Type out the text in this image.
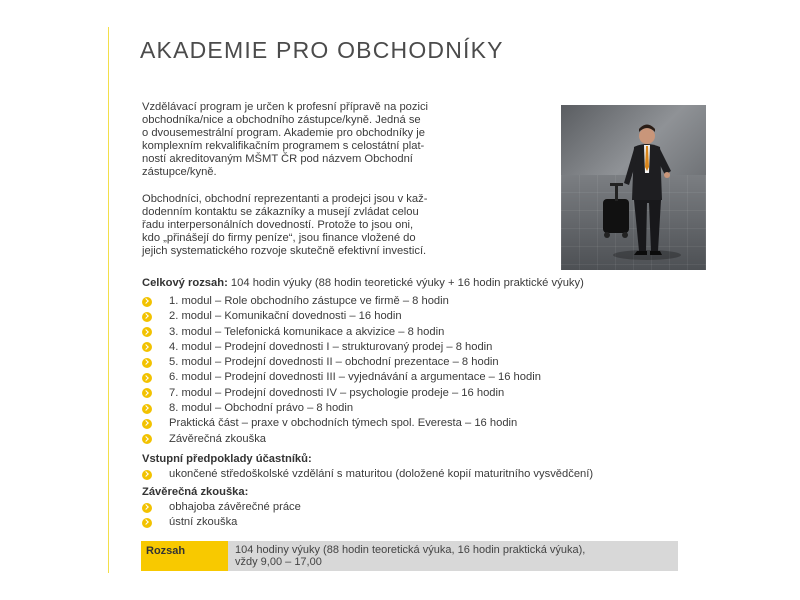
AKADEMIE PRO OBCHODNÍKY

Vzdělávací program je určen k profesní přípravě na pozici
obchodníka/nice a obchodního zástupce/kyně. Jedná se
o dvousemestrální program. Akademie pro obchodníky je
komplexním rekvalifikačním programem s celostátní plat-
ností akreditovaným MŠMT ČR pod názvem Obchodní
zástupce/kyně.

Obchodníci, obchodní reprezentanti a prodejci jsou v kaž-
dodenním kontaktu se zákazníky a musejí zvládat celou
řadu interpersonálních dovedností. Protože to jsou oni,
kdo „přinášejí do firmy peníze“, jsou finance vložené do
jejich systematického rozvoje skutečně efektivní investicí.

Celkový rozsah: 104 hodin výuky (88 hodin teoretické výuky + 16 hodin praktické výuky)
1. modul – Role obchodního zástupce ve firmě – 8 hodin
2. modul – Komunikační dovednosti – 16 hodin
3. modul – Telefonická komunikace a akvizice – 8 hodin
4. modul – Prodejní dovednosti I – strukturovaný prodej – 8 hodin
5. modul – Prodejní dovednosti II – obchodní prezentace – 8 hodin
6. modul – Prodejní dovednosti III – vyjednávání a argumentace – 16 hodin
7. modul – Prodejní dovednosti IV – psychologie prodeje – 16 hodin
8. modul – Obchodní právo – 8 hodin
Praktická část – praxe v obchodních týmech spol. Everesta – 16 hodin
Závěrečná zkouška
Vstupní předpoklady účastníků:
ukončené středoškolské vzdělání s maturitou (doložené kopií maturitního vysvědčení)
Závěrečná zkouška:
obhajoba závěrečné práce
ústní zkouška
Rozsah	104 hodiny výuky (88 hodin teoretická výuka, 16 hodin praktická výuka),
vždy 9,00 – 17,00
